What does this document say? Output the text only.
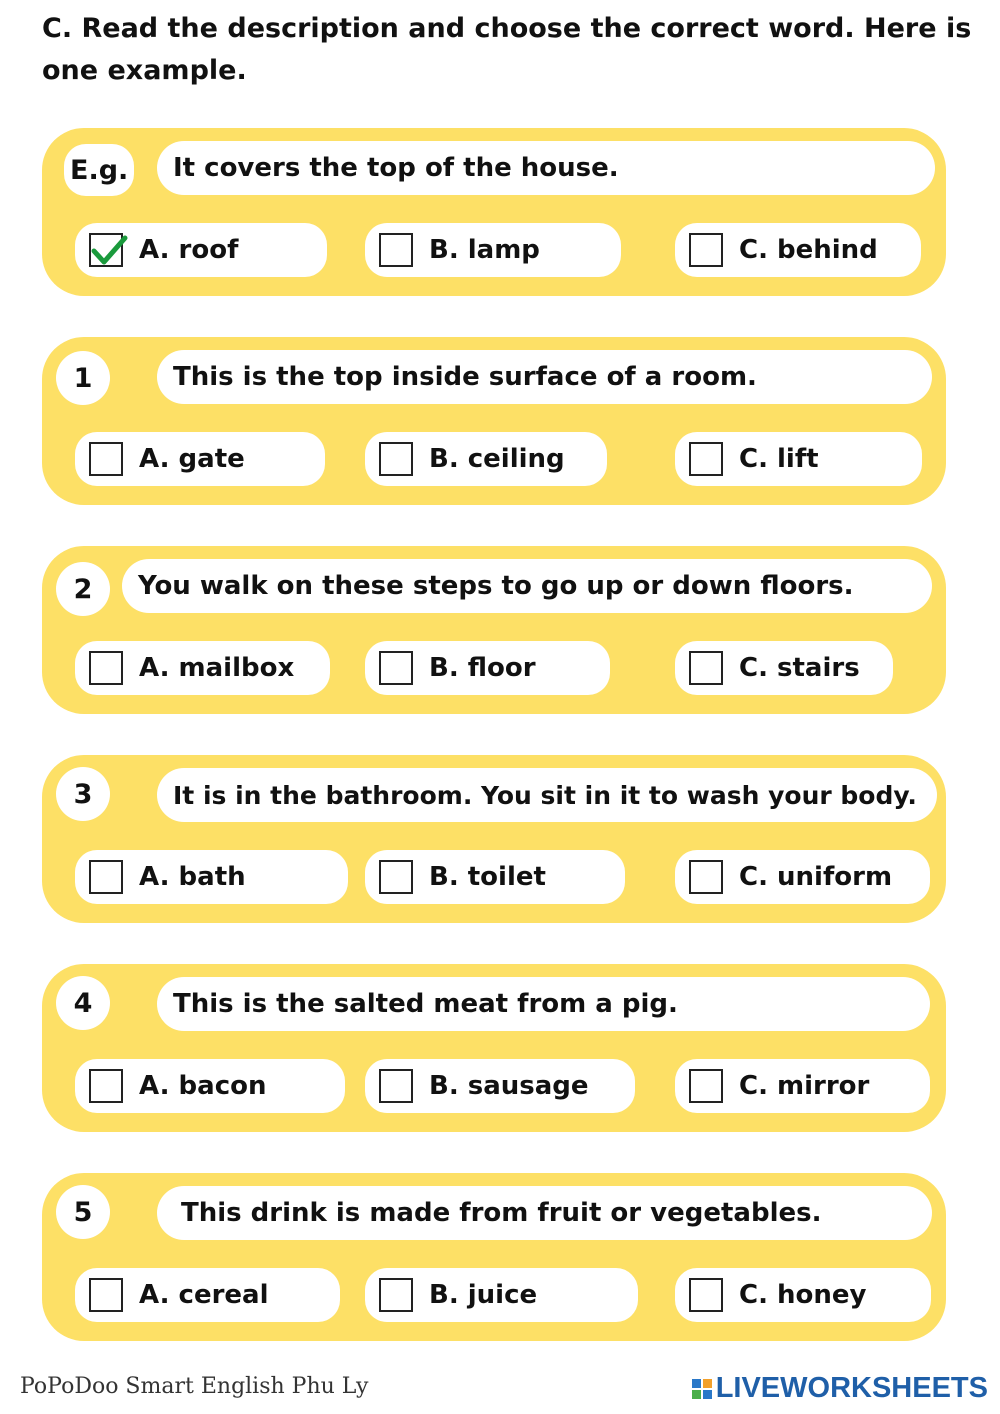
C. Read the description and choose the correct word. Here is one example.
E.g.	It covers the top of the house.
A. roof	B. lamp	C. behind
1	This is the top inside surface of a room.
A. gate	B. ceiling	C. lift
2	You walk on these steps to go up or down floors.
A. mailbox	B. floor	C. stairs
3	It is in the bathroom. You sit in it to wash your body.
A. bath	B. toilet	C. uniform
4	This is the salted meat from a pig.
A. bacon	B. sausage	C. mirror
5	This drink is made from fruit or vegetables.
A. cereal	B. juice	C. honey
PoPoDoo Smart English Phu Ly	LIVEWORKSHEETS
